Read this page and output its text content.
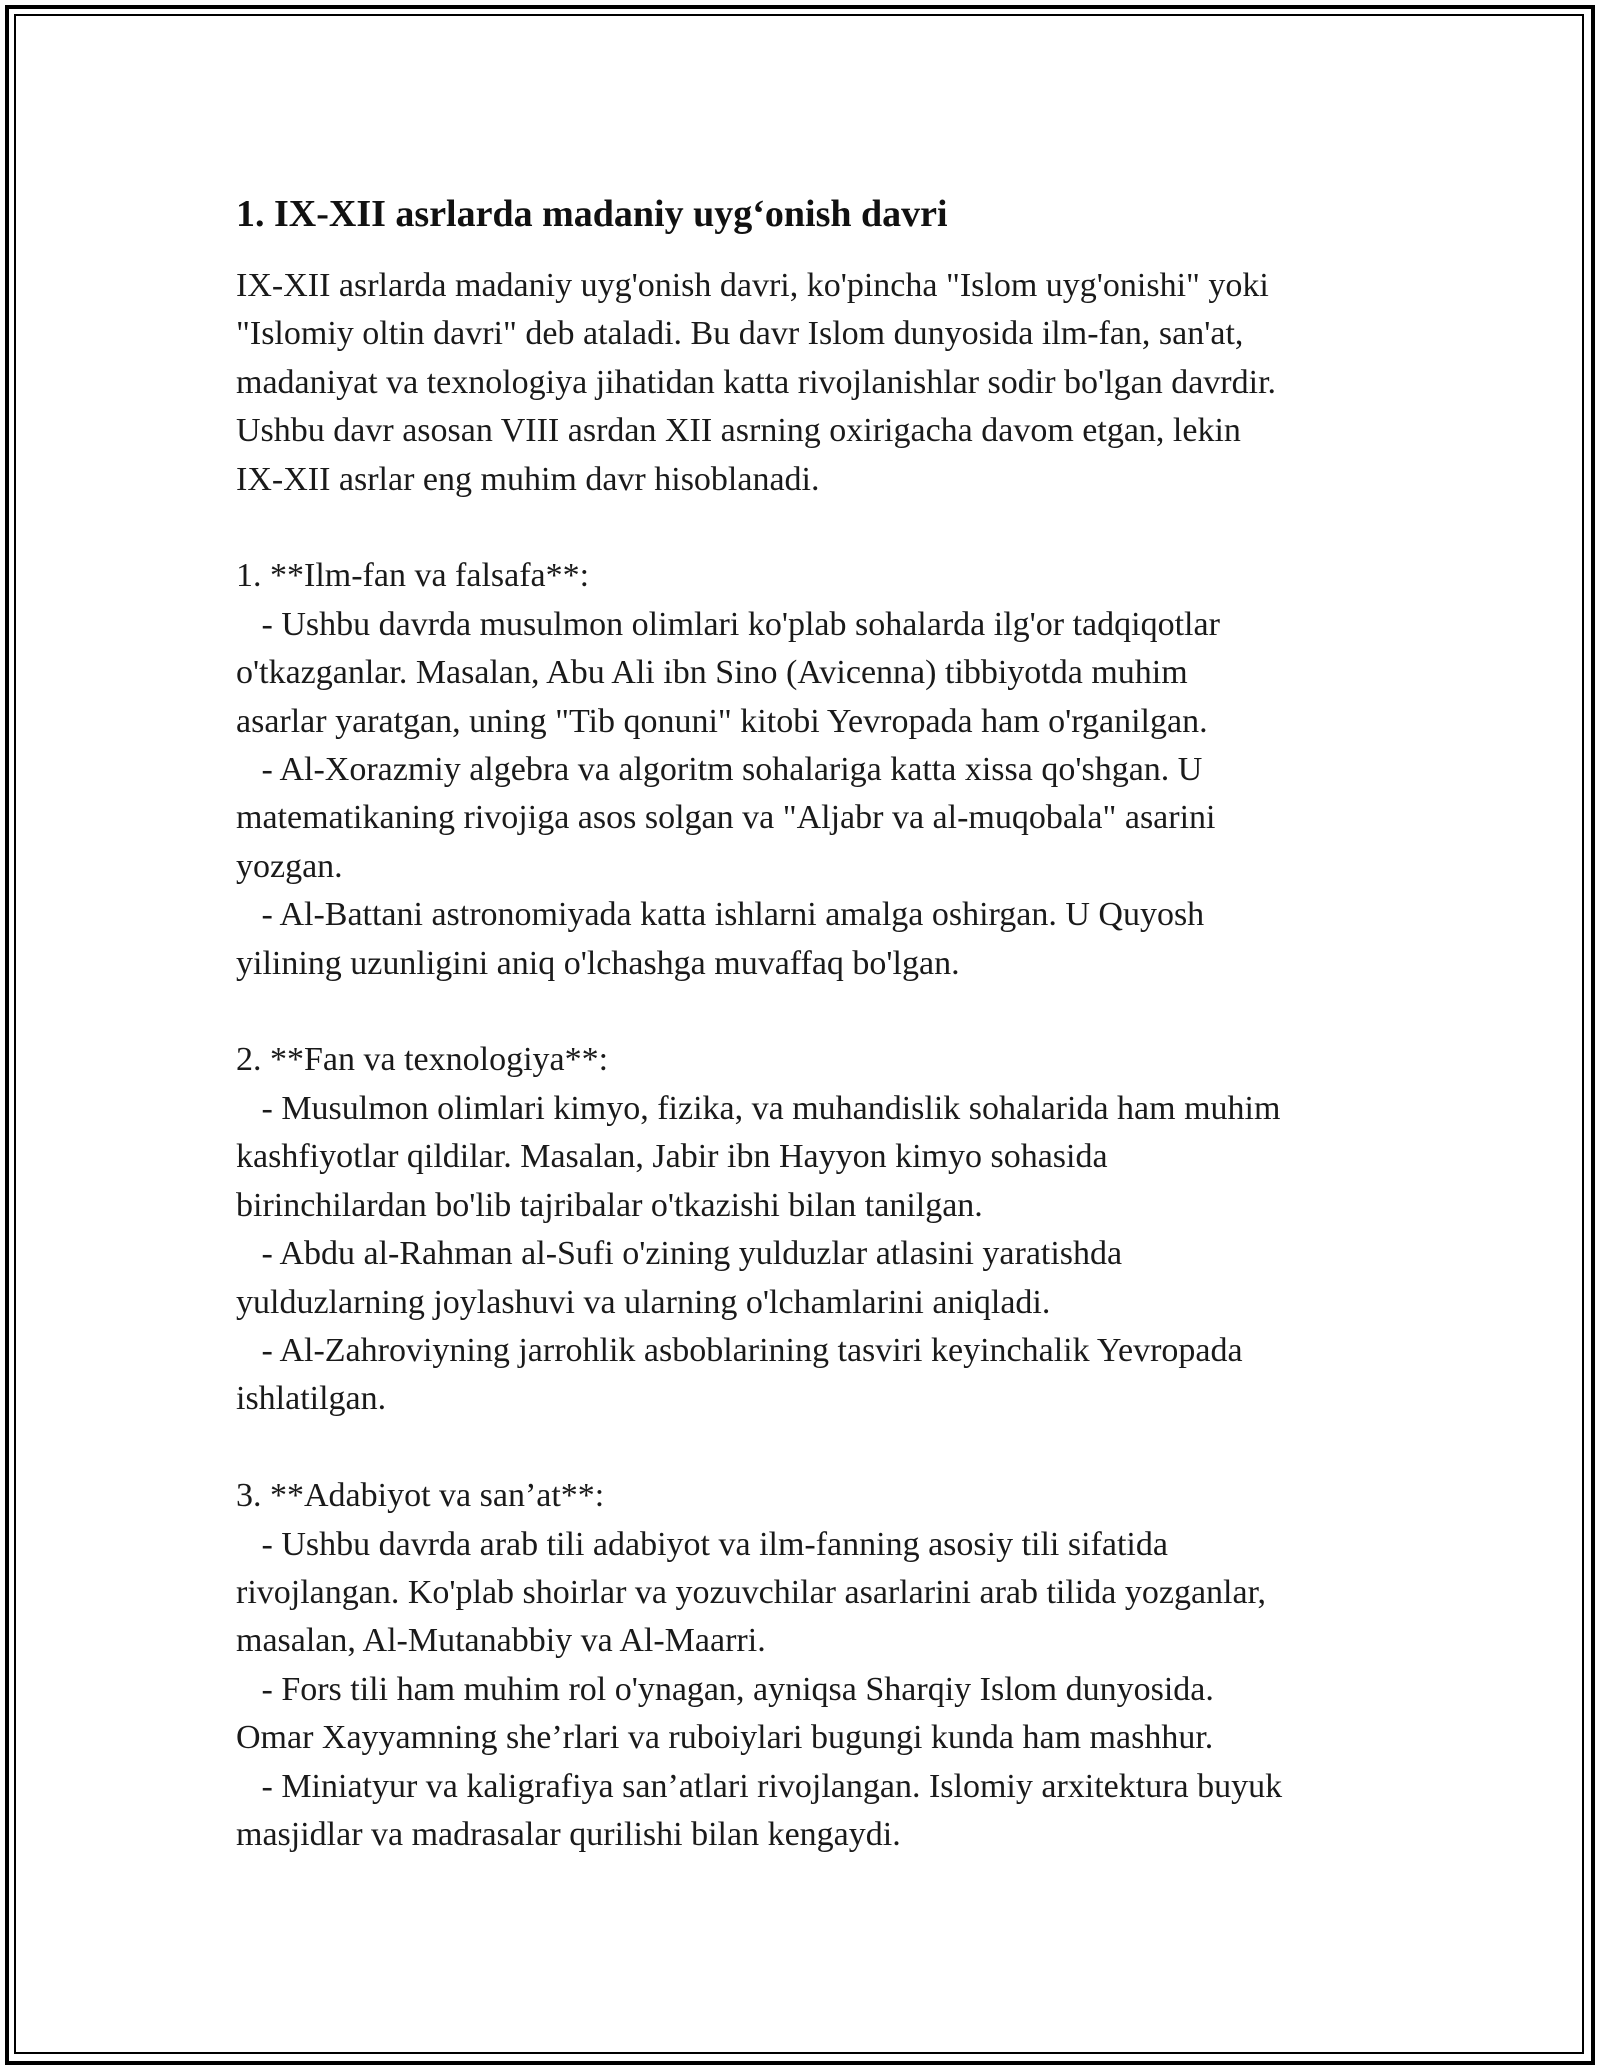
1. IX-XII asrlarda madaniy uyg‘onish davri
IX-XII asrlarda madaniy uyg'onish davri, ko'pincha "Islom uyg'onishi" yoki
"Islomiy oltin davri" deb ataladi. Bu davr Islom dunyosida ilm-fan, san'at,
madaniyat va texnologiya jihatidan katta rivojlanishlar sodir bo'lgan davrdir.
Ushbu davr asosan VIII asrdan XII asrning oxirigacha davom etgan, lekin
IX-XII asrlar eng muhim davr hisoblanadi.
1. **Ilm-fan va falsafa**:
- Ushbu davrda musulmon olimlari ko'plab sohalarda ilg'or tadqiqotlar
o'tkazganlar. Masalan, Abu Ali ibn Sino (Avicenna) tibbiyotda muhim
asarlar yaratgan, uning "Tib qonuni" kitobi Yevropada ham o'rganilgan.
- Al-Xorazmiy algebra va algoritm sohalariga katta xissa qo'shgan. U
matematikaning rivojiga asos solgan va "Aljabr va al-muqobala" asarini
yozgan.
- Al-Battani astronomiyada katta ishlarni amalga oshirgan. U Quyosh
yilining uzunligini aniq o'lchashga muvaffaq bo'lgan.
2. **Fan va texnologiya**:
- Musulmon olimlari kimyo, fizika, va muhandislik sohalarida ham muhim
kashfiyotlar qildilar. Masalan, Jabir ibn Hayyon kimyo sohasida
birinchilardan bo'lib tajribalar o'tkazishi bilan tanilgan.
- Abdu al-Rahman al-Sufi o'zining yulduzlar atlasini yaratishda
yulduzlarning joylashuvi va ularning o'lchamlarini aniqladi.
- Al-Zahroviyning jarrohlik asboblarining tasviri keyinchalik Yevropada
ishlatilgan.
3. **Adabiyot va san’at**:
- Ushbu davrda arab tili adabiyot va ilm-fanning asosiy tili sifatida
rivojlangan. Ko'plab shoirlar va yozuvchilar asarlarini arab tilida yozganlar,
masalan, Al-Mutanabbiy va Al-Maarri.
- Fors tili ham muhim rol o'ynagan, ayniqsa Sharqiy Islom dunyosida.
Omar Xayyamning she’rlari va ruboiylari bugungi kunda ham mashhur.
- Miniatyur va kaligrafiya san’atlari rivojlangan. Islomiy arxitektura buyuk
masjidlar va madrasalar qurilishi bilan kengaydi.
